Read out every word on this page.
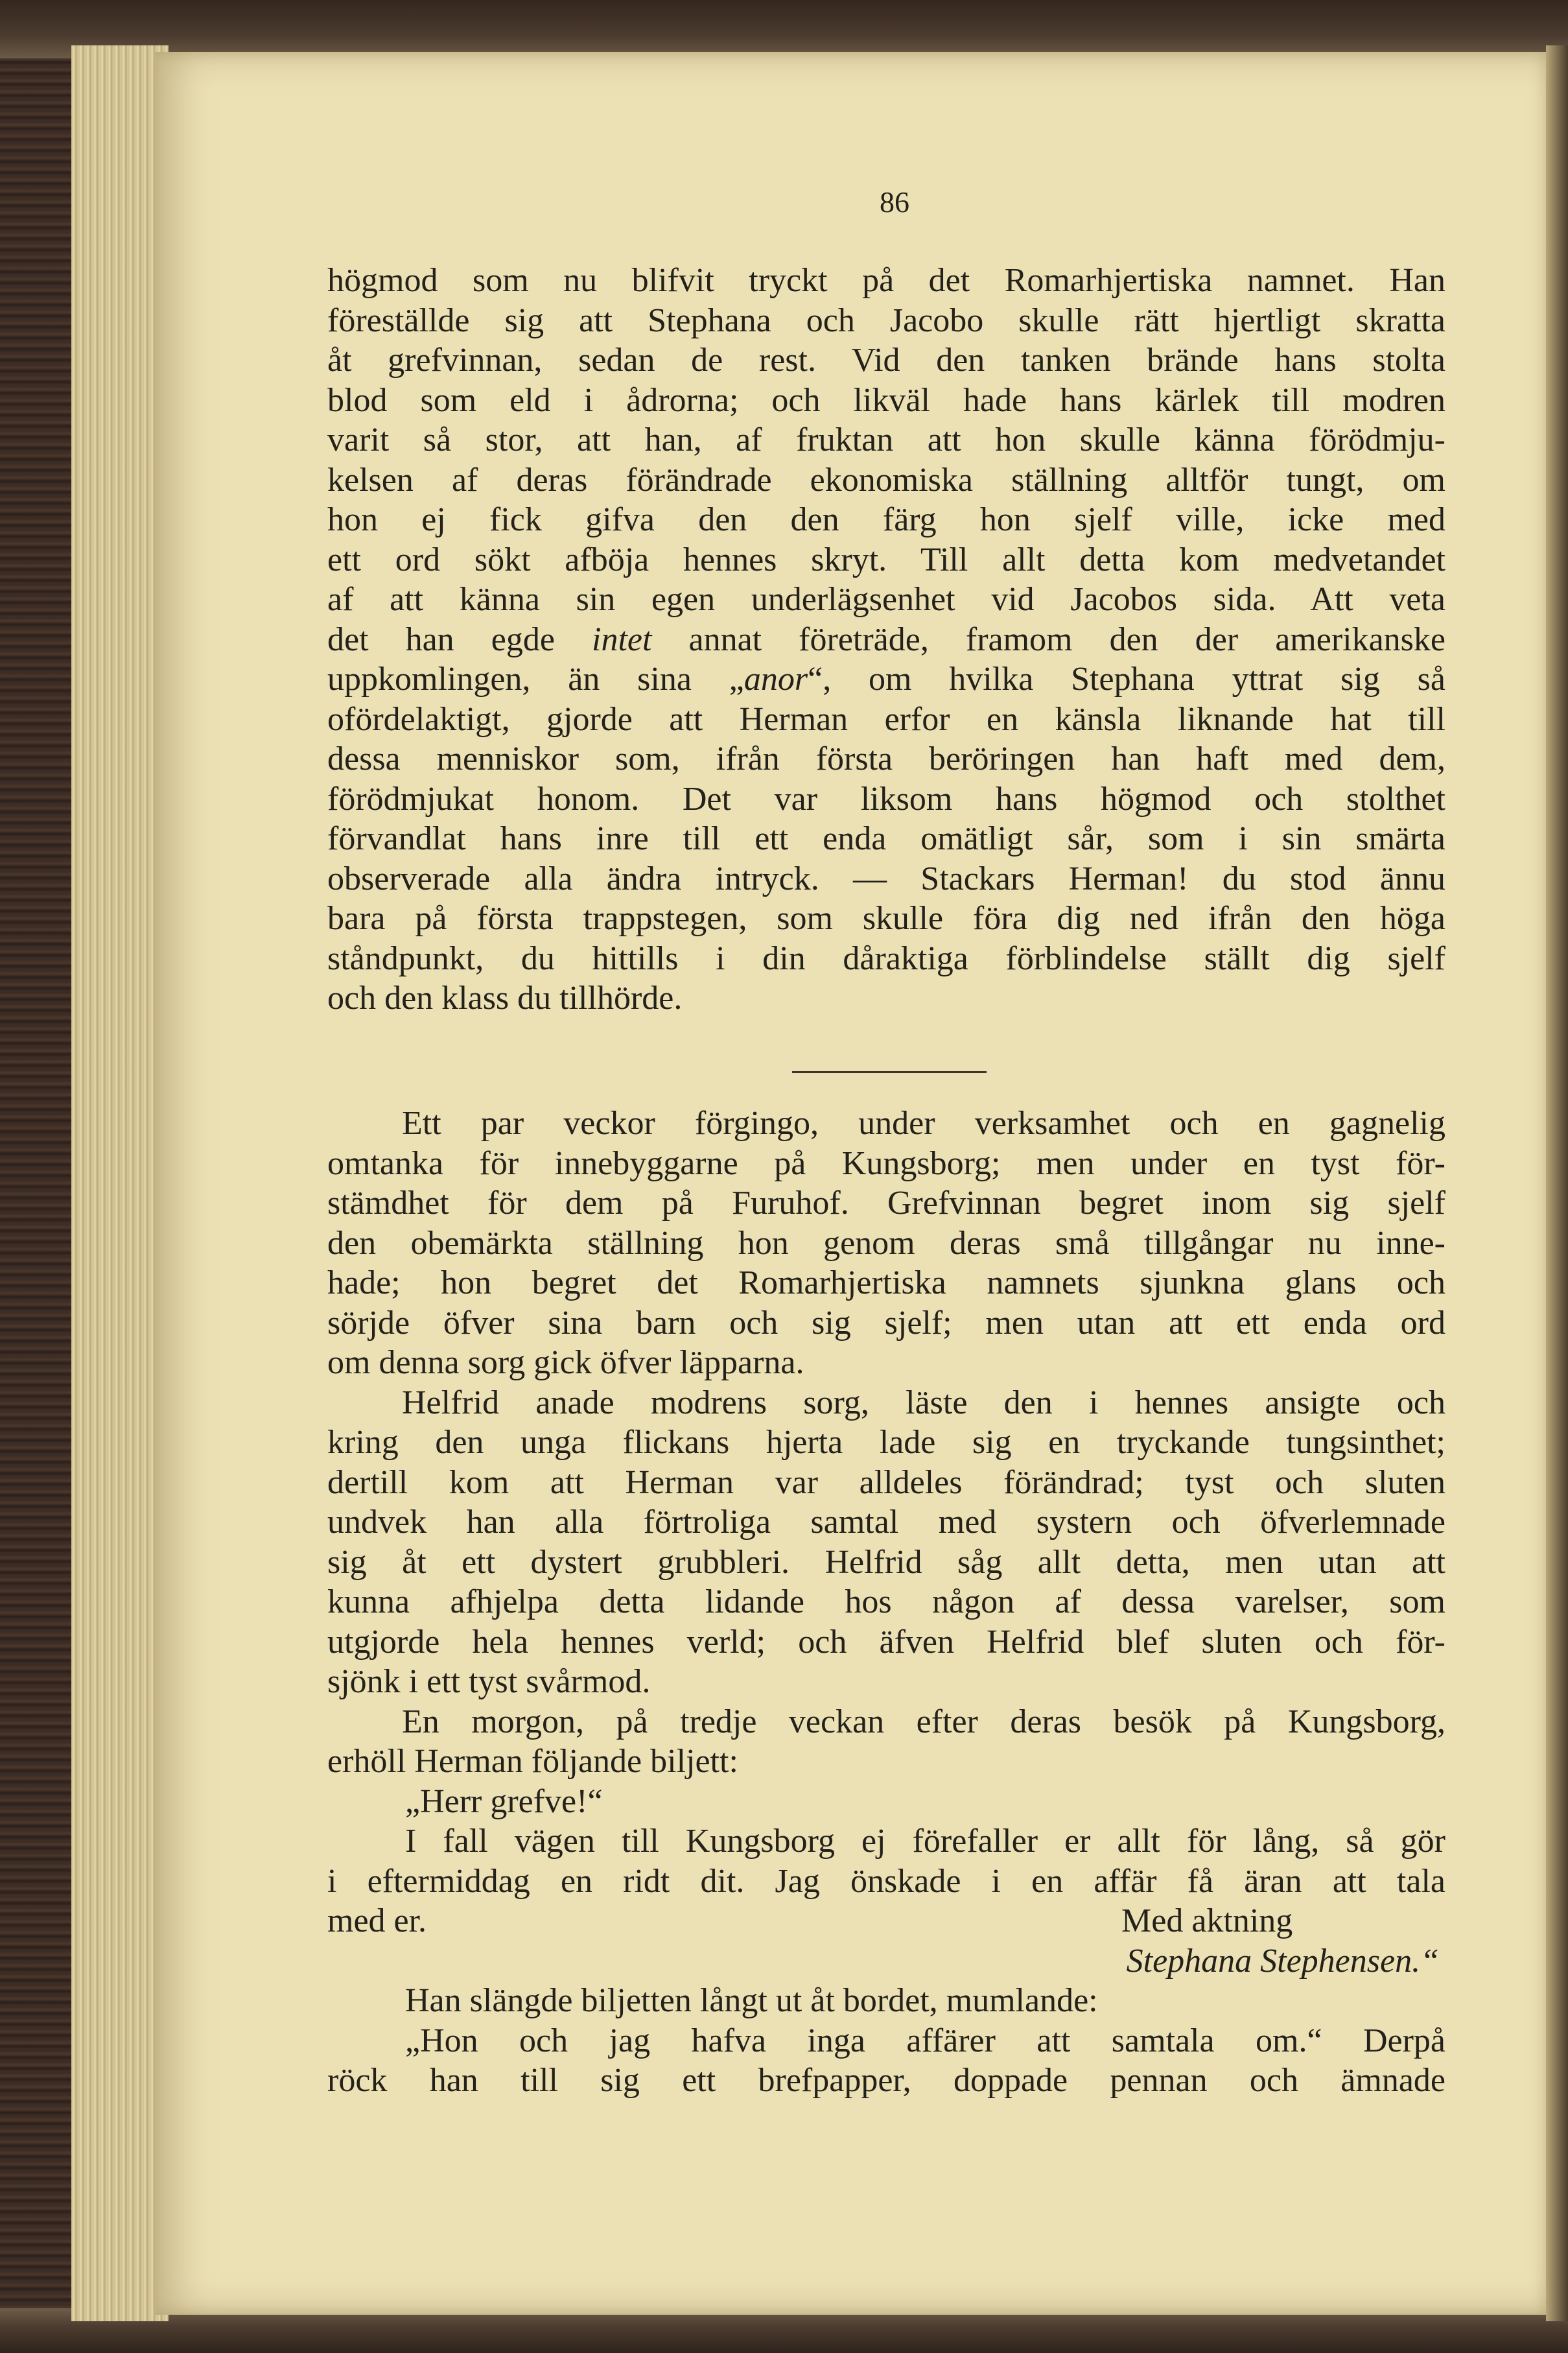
86
högmod som nu blifvit tryckt på det Romarhjertiska namnet. Han
föreställde sig att Stephana och Jacobo skulle rätt hjertligt skratta
åt grefvinnan, sedan de rest. Vid den tanken brände hans stolta
blod som eld i ådrorna; och likväl hade hans kärlek till modren
varit så stor, att han, af fruktan att hon skulle känna förödmju-
kelsen af deras förändrade ekonomiska ställning alltför tungt, om
hon ej fick gifva den den färg hon sjelf ville, icke med
ett ord sökt afböja hennes skryt. Till allt detta kom medvetandet
af att känna sin egen underlägsenhet vid Jacobos sida. Att veta
det han egde intet annat företräde, framom den der amerikanske
uppkomlingen, än sina „anor“, om hvilka Stephana yttrat sig så
ofördelaktigt, gjorde att Herman erfor en känsla liknande hat till
dessa menniskor som, ifrån första beröringen han haft med dem,
förödmjukat honom. Det var liksom hans högmod och stolthet
förvandlat hans inre till ett enda omätligt sår, som i sin smärta
observerade alla ändra intryck. — Stackars Herman! du stod ännu
bara på första trappstegen, som skulle föra dig ned ifrån den höga
ståndpunkt, du hittills i din dåraktiga förblindelse ställt dig sjelf
och den klass du tillhörde.
Ett par veckor förgingo, under verksamhet och en gagnelig
omtanka för innebyggarne på Kungsborg; men under en tyst för-
stämdhet för dem på Furuhof. Grefvinnan begret inom sig sjelf
den obemärkta ställning hon genom deras små tillgångar nu inne-
hade; hon begret det Romarhjertiska namnets sjunkna glans och
sörjde öfver sina barn och sig sjelf; men utan att ett enda ord
om denna sorg gick öfver läpparna.
Helfrid anade modrens sorg, läste den i hennes ansigte och
kring den unga flickans hjerta lade sig en tryckande tungsinthet;
dertill kom att Herman var alldeles förändrad; tyst och sluten
undvek han alla förtroliga samtal med systern och öfverlemnade
sig åt ett dystert grubbleri. Helfrid såg allt detta, men utan att
kunna afhjelpa detta lidande hos någon af dessa varelser, som
utgjorde hela hennes verld; och äfven Helfrid blef sluten och för-
sjönk i ett tyst svårmod.
En morgon, på tredje veckan efter deras besök på Kungsborg,
erhöll Herman följande biljett:
„Herr grefve!“
I fall vägen till Kungsborg ej förefaller er allt för lång, så gör
i eftermiddag en ridt dit. Jag önskade i en affär få äran att tala
med er.	Med aktning
Stephana Stephensen.“
Han slängde biljetten långt ut åt bordet, mumlande:
„Hon och jag hafva inga affärer att samtala om.“ Derpå
röck han till sig ett brefpapper, doppade pennan och ämnade
